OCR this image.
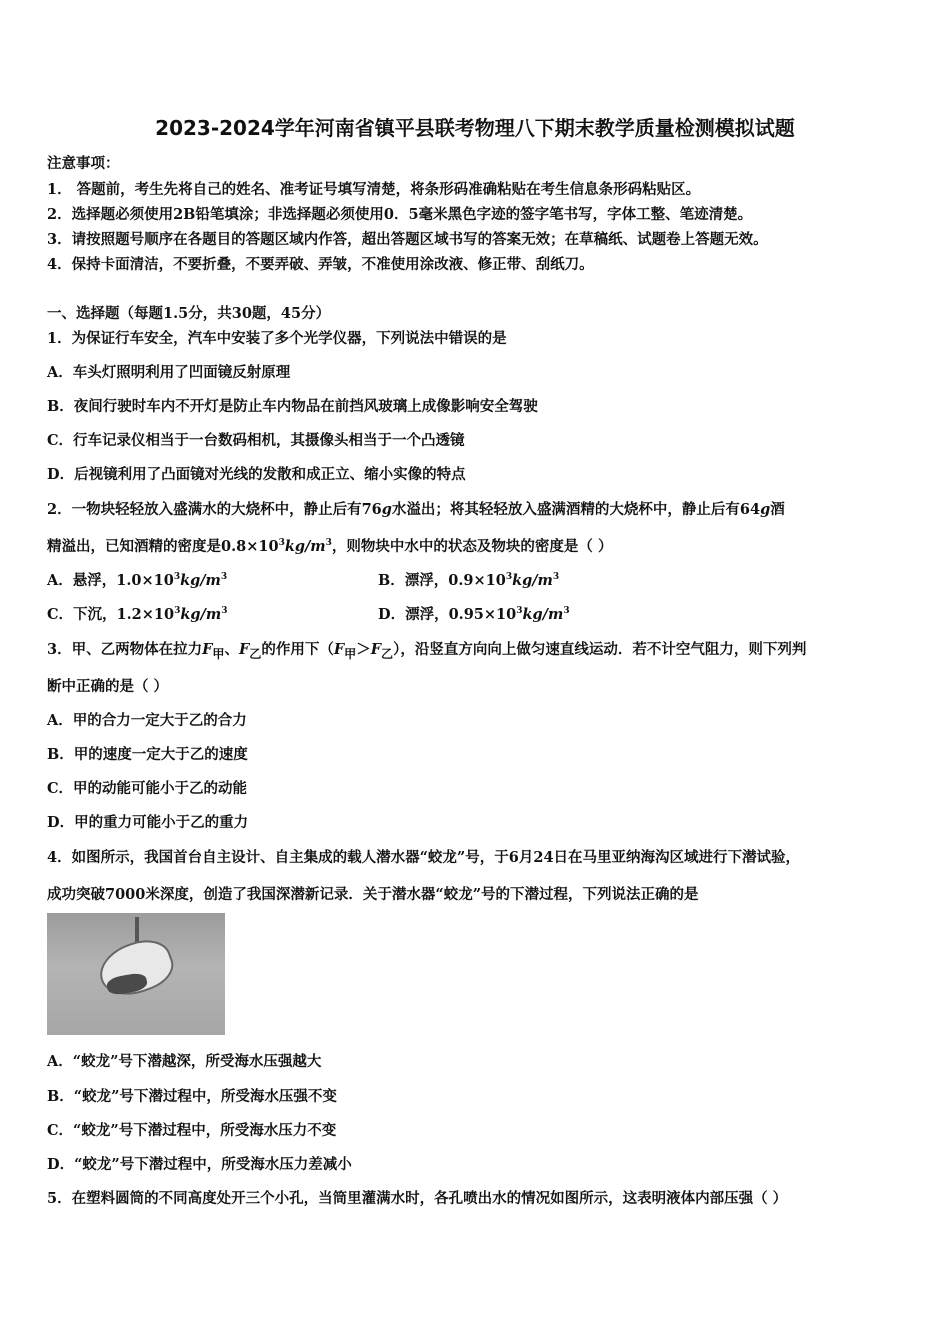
2023-2024学年河南省镇平县联考物理八下期末教学质量检测模拟试题
注意事项：
1． 答题前，考生先将自己的姓名、准考证号填写清楚，将条形码准确粘贴在考生信息条形码粘贴区。
2．选择题必须使用2B铅笔填涂；非选择题必须使用0．5毫米黑色字迹的签字笔书写，字体工整、笔迹清楚。
3．请按照题号顺序在各题目的答题区域内作答，超出答题区域书写的答案无效；在草稿纸、试题卷上答题无效。
4．保持卡面清洁，不要折叠，不要弄破、弄皱，不准使用涂改液、修正带、刮纸刀。
一、选择题（每题1.5分，共30题，45分）
1．为保证行车安全，汽车中安装了多个光学仪器，下列说法中错误的是
A．车头灯照明利用了凹面镜反射原理
B．夜间行驶时车内不开灯是防止车内物品在前挡风玻璃上成像影响安全驾驶
C．行车记录仪相当于一台数码相机，其摄像头相当于一个凸透镜
D．后视镜利用了凸面镜对光线的发散和成正立、缩小实像的特点
2．一物块轻轻放入盛满水的大烧杯中，静止后有76g水溢出；将其轻轻放入盛满酒精的大烧杯中，静止后有64g酒
精溢出，已知酒精的密度是$0.8\times 10^3kg/m^3$，则物块中水中的状态及物块的密度是（ ）
A．悬浮，$1.0\times 10^3kg/m^3$	B．漂浮，$0.9\times 10^3kg/m^3$
C．下沉，$1.2\times 10^3kg/m^3$	D．漂浮，$0.95\times 10^3kg/m^3$
3．甲、乙两物体在拉力$F_甲$、$F_乙$的作用下$(F_甲>F_乙)$，沿竖直方向向上做匀速直线运动．若不计空气阻力，则下列判
断中正确的是（ ）
A．甲的合力一定大于乙的合力
B．甲的速度一定大于乙的速度
C．甲的动能可能小于乙的动能
D．甲的重力可能小于乙的重力
4．如图所示，我国首台自主设计、自主集成的载人潜水器“蛟龙”号，于6月24日在马里亚纳海沟区域进行下潜试验，
成功突破7000米深度，创造了我国深潜新记录．关于潜水器“蛟龙”号的下潜过程，下列说法正确的是
A．“蛟龙”号下潜越深，所受海水压强越大
B．“蛟龙”号下潜过程中，所受海水压强不变
C．“蛟龙”号下潜过程中，所受海水压力不变
D．“蛟龙”号下潜过程中，所受海水压力差减小
5．在塑料圆筒的不同高度处开三个小孔，当筒里灌满水时，各孔喷出水的情况如图所示，这表明液体内部压强（ ）
